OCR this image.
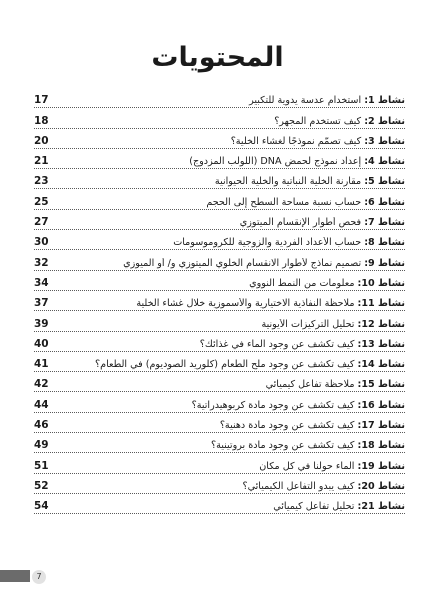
المحتويات
17	نشاط 1: استخدام عدسة يدوية للتكبير
18	نشاط 2: كيف تستخدم المجهر؟
20	نشاط 3: كيف تصمّم نموذجًا لغشاء الخلية؟
21	نشاط 4: إعداد نموذج لحمض DNA (اللولب المزدوج)
23	نشاط 5: مقارنة الخلية النباتية والخلية الحيوانية
25	نشاط 6: حساب نسبة مساحة السطح إلى الحجم
27	نشاط 7: فحص أطوار الإنقسام الميتوزي
30	نشاط 8: حساب الأعداد الفردية والزوجية للكروموسومات
32	نشاط 9: تصميم نماذج لأطوار الانقسام الخلوي الميتوزي و/ أو الميوزي
34	نشاط 10: معلومات من النمط النووي
37	نشاط 11: ملاحظة النفاذية الاختيارية والأسموزية خلال غشاء الخلية
39	نشاط 12: تحليل التركيزات الأيونية
40	نشاط 13: كيف تكشف عن وجود الماء في غذائك؟
41	نشاط 14: كيف تكشف عن وجود ملح الطعام (كلوريد الصوديوم) في الطعام؟
42	نشاط 15: ملاحظة تفاعل كيميائي
44	نشاط 16: كيف تكشف عن وجود مادة كربوهيدراتية؟
46	نشاط 17: كيف تكشف عن وجود مادة دهنية؟
49	نشاط 18: كيف تكشف عن وجود مادة بروتينية؟
51	نشاط 19: الماء حولنا في كل مكان
52	نشاط 20: كيف يبدو التفاعل الكيميائي؟
54	نشاط 21: تحليل تفاعل كيميائي
7
